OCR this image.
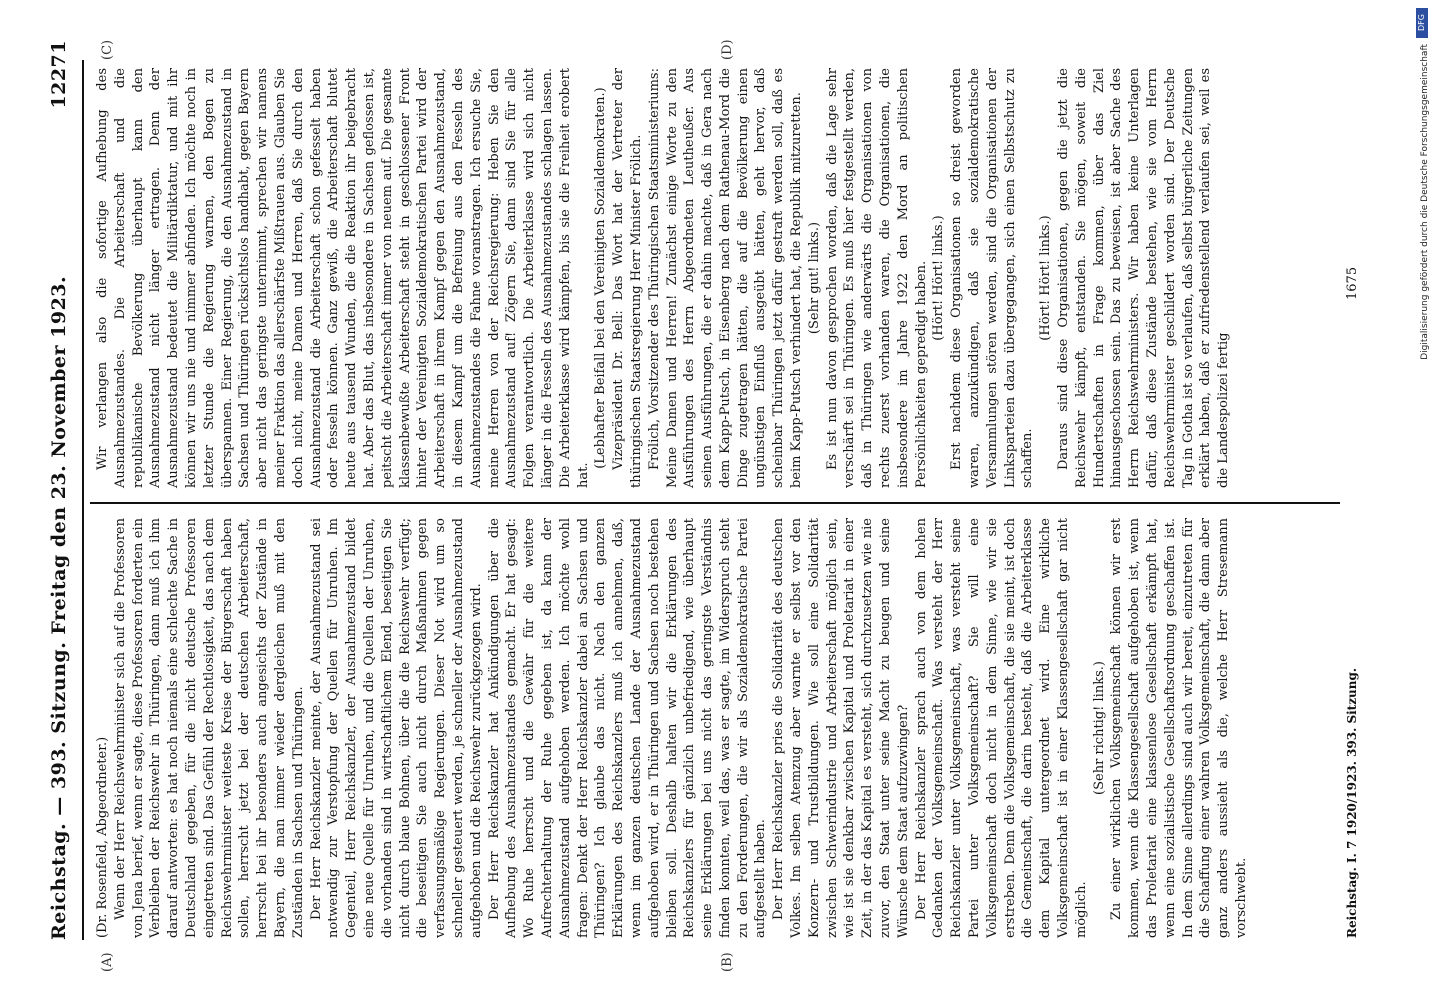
Reichstag. — 393. Sitzung. Freitag den 23. November 1923.
12271
(A)	(B)
(C)	(D)

(Dr. Rosenfeld, Abgeordneter.) Wenn der Herr Reichswehrminister sich auf die Professoren von Jena berief, wenn er sagte, diese Professoren forderten ein Verbleiben der Reichswehr in Thüringen, dann muß ich ihm darauf antworten: es hat noch niemals eine schlechte Sache in Deutschland gegeben, für die nicht deutsche Professoren eingetreten sind. Das Gefühl der Rechtlosigkeit, das nach dem Reichswehrminister weiteste Kreise der Bürgerschaft haben sollen, herrscht jetzt bei der deutschen Arbeiterschaft, herrscht bei ihr besonders auch angesichts der Zustände in Bayern, die man immer wieder dergleichen muß mit den Zuständen in Sachsen und Thüringen. Der Herr Reichskanzler meinte, der Ausnahmezustand sei notwendig zur Verstopfung der Quellen für Unruhen. Im Gegenteil, Herr Reichskanzler, der Ausnahmezustand bildet eine neue Quelle für Unruhen, und die Quellen der Unruhen, die vorhanden sind in wirtschaftlichem Elend, beseitigen Sie nicht durch blaue Bohnen, über die die Reichswehr verfügt; die beseitigen Sie auch nicht durch Maßnahmen gegen verfassungsmäßige Regierungen. Dieser Not wird um so schneller gesteuert werden, je schneller der Ausnahmezustand aufgehoben und die Reichswehr zurückgezogen wird. Der Herr Reichskanzler hat Ankündigungen über die Aufhebung des Ausnahmezustandes gemacht. Er hat gesagt: Wo Ruhe herrscht und die Gewähr für die weitere Aufrechterhaltung der Ruhe gegeben ist, da kann der Ausnahmezustand aufgehoben werden. Ich möchte wohl fragen: Denkt der Herr Reichskanzler dabei an Sachsen und Thüringen? Ich glaube das nicht. Nach den ganzen Erklärungen des Reichskanzlers muß ich annehmen, daß, wenn im ganzen deutschen Lande der Ausnahmezustand aufgehoben wird, er in Thüringen und Sachsen noch bestehen bleiben soll. Deshalb halten wir die Erklärungen des Reichskanzlers für gänzlich unbefriedigend, wie überhaupt seine Erklärungen bei uns nicht das geringste Verständnis finden konnten, weil das, was er sagte, im Widerspruch steht zu den Forderungen, die wir als Sozialdemokratische Partei aufgestellt haben. Der Herr Reichskanzler pries die Solidarität des deutschen Volkes. Im selben Atemzug aber warnte er selbst vor den Konzern- und Trustbildungen. Wie soll eine Solidarität zwischen Schwerindustrie und Arbeiterschaft möglich sein, wie ist sie denkbar zwischen Kapital und Proletariat in einer Zeit, in der das Kapital es versteht, sich durchzusetzen wie nie zuvor, den Staat unter seine Macht zu beugen und seine Wünsche dem Staat aufzuzwingen? Der Herr Reichskanzler sprach auch von dem hohen Gedanken der Volksgemeinschaft. Was versteht der Herr Reichskanzler unter Volksgemeinschaft, was versteht seine Partei unter Volksgemeinschaft? Sie will eine Volksgemeinschaft doch nicht in dem Sinne, wie wir sie erstreben. Denn die Volksgemeinschaft, die sie meint, ist doch die Gemeinschaft, die darin besteht, daß die Arbeiterklasse dem Kapital untergeordnet wird. Eine wirkliche Volksgemeinschaft ist in einer Klassengesellschaft gar nicht möglich.

(Sehr richtig! links.) Zu einer wirklichen Volksgemeinschaft können wir erst kommen, wenn die Klassengesellschaft aufgehoben ist, wenn das Proletariat eine klassenlose Gesellschaft erkämpft hat, wenn eine sozialistische Gesellschaftsordnung geschaffen ist. In dem Sinne allerdings sind auch wir bereit, einzutreten für die Schaffung einer wahren Volksgemeinschaft, die dann aber ganz anders aussieht als die, welche Herr Stresemann vorschwebt.

Wir verlangen also die sofortige Aufhebung des Ausnahmezustandes. Die Arbeiterschaft und die republikanische Bevölkerung überhaupt kann den Ausnahmezustand nicht länger ertragen. Denn der Ausnahmezustand bedeutet die Militärdiktatur, und mit ihr können wir uns nie und nimmer abfinden. Ich möchte noch in letzter Stunde die Regierung warnen, den Bogen zu überspannen. Einer Regierung, die den Ausnahmezustand in Sachsen und Thüringen rücksichtslos handhabt, gegen Bayern aber nicht das geringste unternimmt, sprechen wir namens meiner Fraktion das allerschärfste Mißtrauen aus. Glauben Sie doch nicht, meine Damen und Herren, daß Sie durch den Ausnahmezustand die Arbeiterschaft schon gefesselt haben oder fesseln können. Ganz gewiß, die Arbeiterschaft blutet heute aus tausend Wunden, die die Reaktion ihr beigebracht hat. Aber das Blut, das insbesondere in Sachsen geflossen ist, peitscht die Arbeiterschaft immer von neuem auf. Die gesamte klassenbewußte Arbeiterschaft steht in geschlossener Front hinter der Vereinigten Sozialdemokratischen Partei wird der Arbeiterschaft in ihrem Kampf gegen den Ausnahmezustand, in diesem Kampf um die Befreiung aus den Fesseln des Ausnahmezustandes die Fahne voranstragen. Ich ersuche Sie, meine Herren von der Reichsregierung: Heben Sie den Ausnahmezustand auf! Zögern Sie, dann sind Sie für alle Folgen verantwortlich. Die Arbeiterklasse wird sich nicht länger in die Fesseln des Ausnahmezustandes schlagen lassen. Die Arbeiterklasse wird kämpfen, bis sie die Freiheit erobert hat.

(Lebhafter Beifall bei den Vereinigten Sozialdemokraten.) Vizepräsident Dr. Bell: Das Wort hat der Vertreter der thüringischen Staatsregierung Herr Minister Frölich. Frölich, Vorsitzender des Thüringischen Staatsministeriums: Meine Damen und Herren! Zunächst einige Worte zu den Ausführungen des Herrn Abgeordneten Leutheußer. Aus seinen Ausführungen, die er dahin machte, daß in Gera nach dem Kapp-Putsch, in Eisenberg nach dem Rathenau-Mord die Dinge zugetragen hätten, die auf die Bevölkerung einen ungünstigen Einfluß ausgeübt hätten, geht hervor, daß scheinbar Thüringen jetzt dafür gestraft werden soll, daß es beim Kapp-Putsch verhindert hat, die Republik mitzuretten. (Sehr gut! links.) Es ist nun davon gesprochen worden, daß die Lage sehr verschärft sei in Thüringen. Es muß hier festgestellt werden, daß in Thüringen wie anderwärts die Organisationen von rechts zuerst vorhanden waren, die Organisationen, die insbesondere im Jahre 1922 den Mord an politischen Persönlichkeiten gepredigt haben. (Hört! Hört! links.) Erst nachdem diese Organisationen so dreist geworden waren, anzukündigen, daß sie sozialdemokratische Versammlungen stören werden, sind die Organisationen der Linksparteien dazu übergegangen, sich einen Selbstschutz zu schaffen.

(Hört! Hört! links.) Daraus sind diese Organisationen, gegen die jetzt die Reichswehr kämpft, entstanden. Sie mögen, soweit die Hundertschaften in Frage kommen, über das Ziel hinausgeschossen sein. Das zu beweisen, ist aber Sache des Herrn Reichswehrministers. Wir haben keine Unterlagen dafür, daß diese Zustände bestehen, wie sie vom Herrn Reichswehrminister geschildert worden sind. Der Deutsche Tag in Gotha ist so verlaufen, daß selbst bürgerliche Zeitungen erklärt haben, daß er zufriedenstellend verlaufen sei, weil es die Landespolizei fertig

Reichstag. I. 7 1920/1923. 393. Sitzung.
1675
DFG
Digitalisierung gefördert durch die Deutsche Forschungsgemeinschaft
